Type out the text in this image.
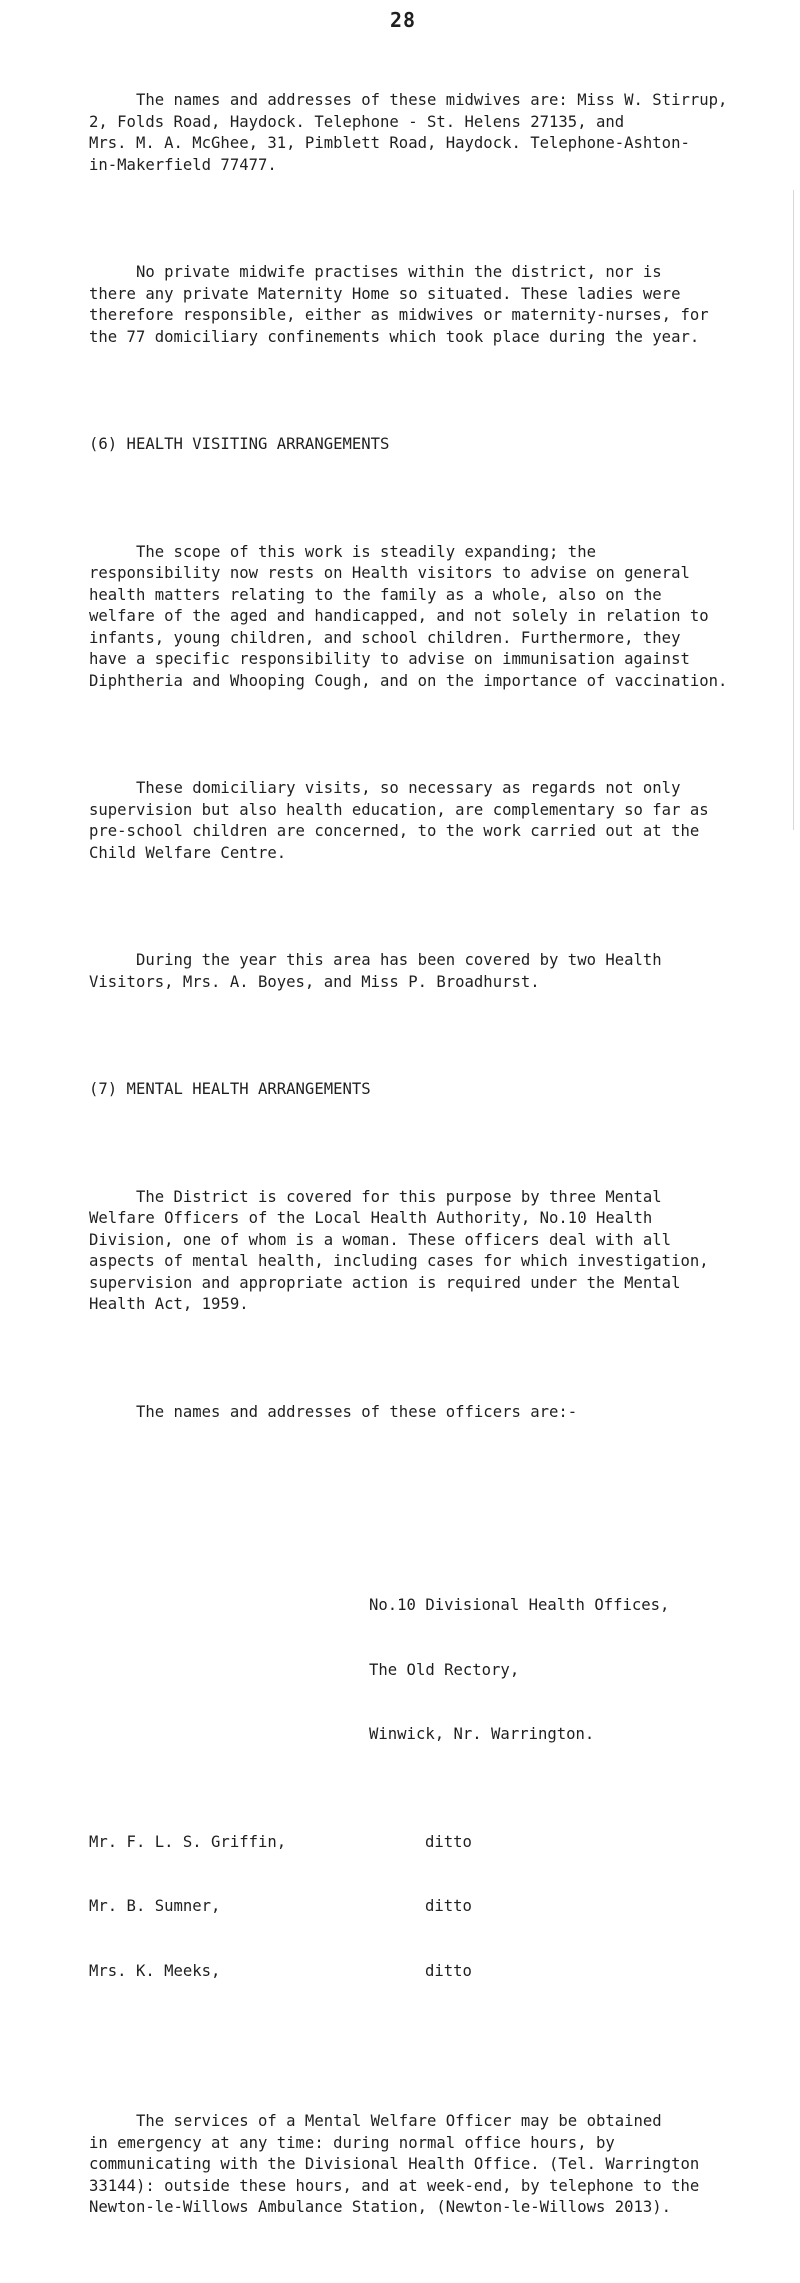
28

The names and addresses of these midwives are: Miss W. Stirrup,
2, Folds Road, Haydock. Telephone - St. Helens 27135, and
Mrs. M. A. McGhee, 31, Pimblett Road, Haydock. Telephone-Ashton-
in-Makerfield 77477.

No private midwife practises within the district, nor is
there any private Maternity Home so situated. These ladies were
therefore responsible, either as midwives or maternity-nurses, for
the 77 domiciliary confinements which took place during the year.

(6) HEALTH VISITING ARRANGEMENTS

The scope of this work is steadily expanding; the
responsibility now rests on Health visitors to advise on general
health matters relating to the family as a whole, also on the
welfare of the aged and handicapped, and not solely in relation to
infants, young children, and school children. Furthermore, they
have a specific responsibility to advise on immunisation against
Diphtheria and Whooping Cough, and on the importance of vaccination.

These domiciliary visits, so necessary as regards not only
supervision but also health education, are complementary so far as
pre-school children are concerned, to the work carried out at the
Child Welfare Centre.

During the year this area has been covered by two Health
Visitors, Mrs. A. Boyes, and Miss P. Broadhurst.

(7) MENTAL HEALTH ARRANGEMENTS

The District is covered for this purpose by three Mental
Welfare Officers of the Local Health Authority, No.10 Health
Division, one of whom is a woman. These officers deal with all
aspects of mental health, including cases for which investigation,
supervision and appropriate action is required under the Mental
Health Act, 1959.

The names and addresses of these officers are:-

No.10 Divisional Health Offices,

The Old Rectory,

Winwick, Nr. Warrington.

Mr. F. L. S. Griffin,	ditto

Mr. B. Sumner,	ditto

Mrs. K. Meeks,	ditto

The services of a Mental Welfare Officer may be obtained
in emergency at any time: during normal office hours, by
communicating with the Divisional Health Office. (Tel. Warrington
33144): outside these hours, and at week-end, by telephone to the
Newton-le-Willows Ambulance Station, (Newton-le-Willows 2013).
